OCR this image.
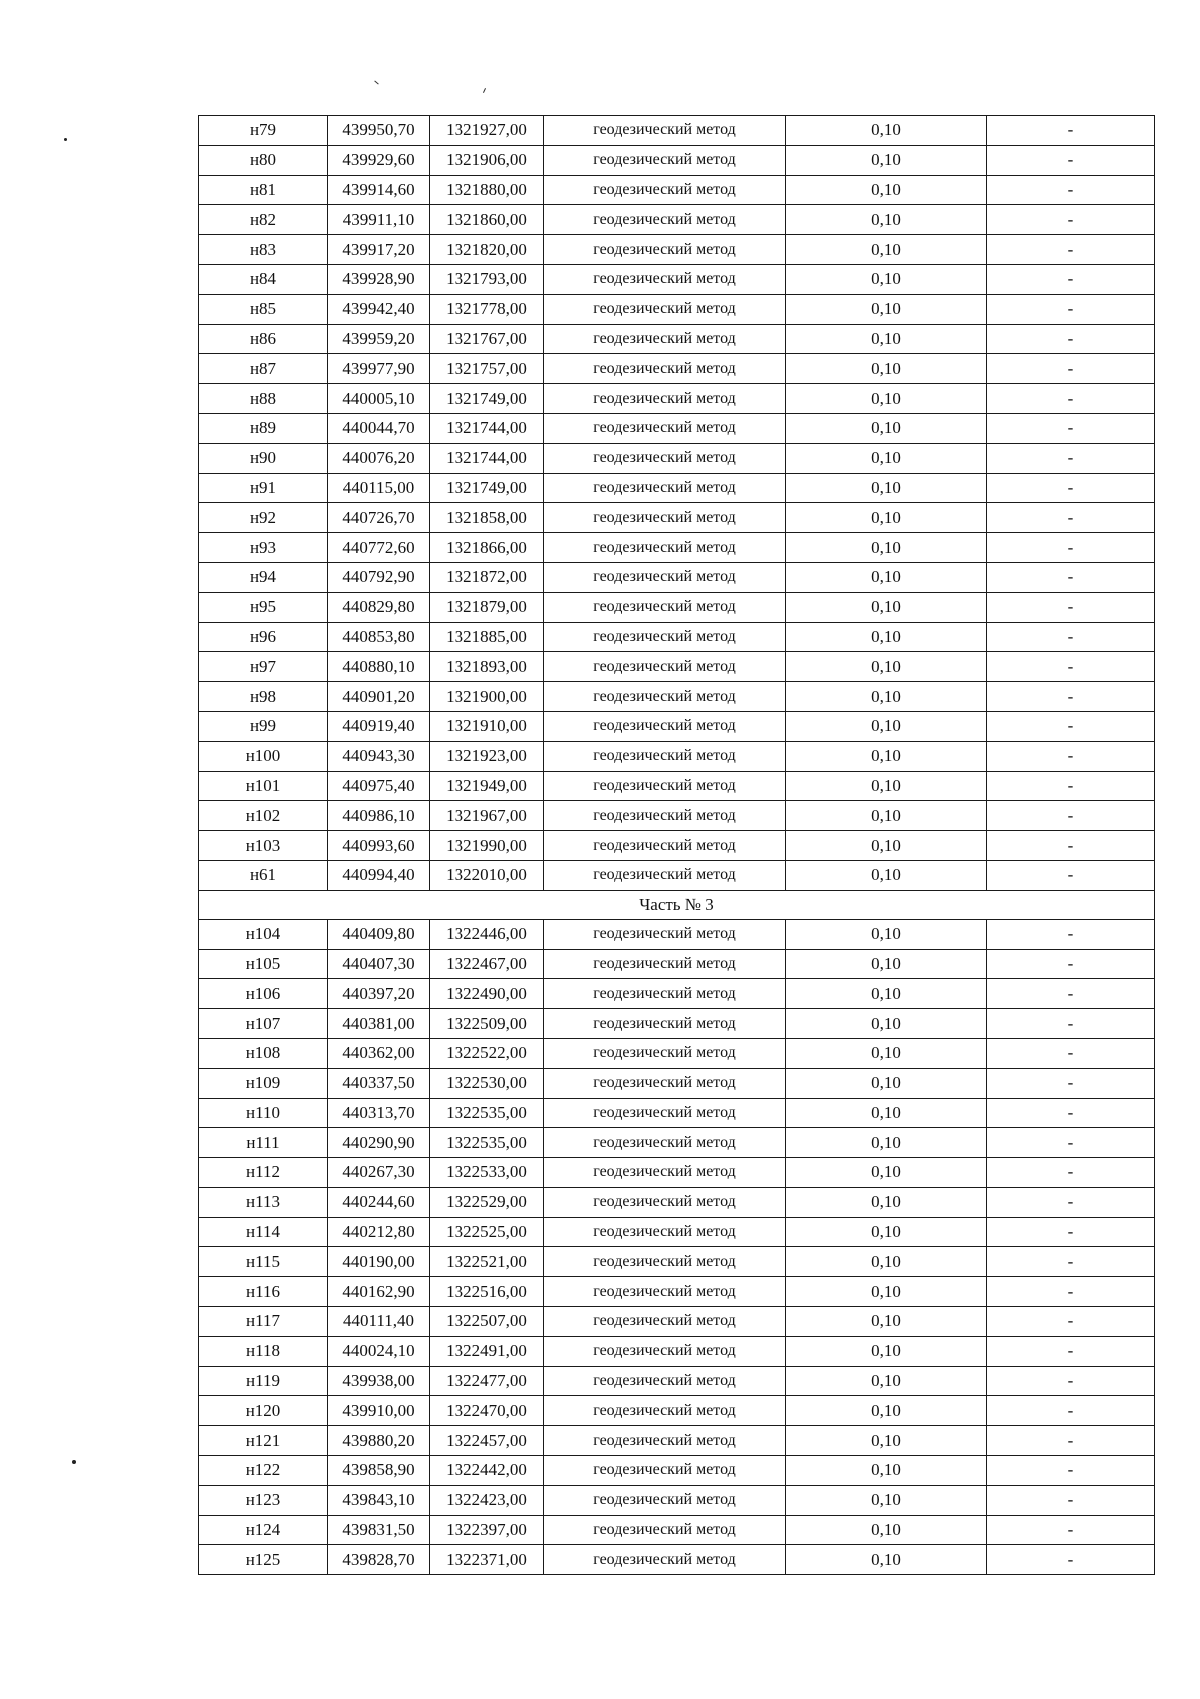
н79	439950,70	1321927,00	геодезический метод	0,10	-
н80	439929,60	1321906,00	геодезический метод	0,10	-
н81	439914,60	1321880,00	геодезический метод	0,10	-
н82	439911,10	1321860,00	геодезический метод	0,10	-
н83	439917,20	1321820,00	геодезический метод	0,10	-
н84	439928,90	1321793,00	геодезический метод	0,10	-
н85	439942,40	1321778,00	геодезический метод	0,10	-
н86	439959,20	1321767,00	геодезический метод	0,10	-
н87	439977,90	1321757,00	геодезический метод	0,10	-
н88	440005,10	1321749,00	геодезический метод	0,10	-
н89	440044,70	1321744,00	геодезический метод	0,10	-
н90	440076,20	1321744,00	геодезический метод	0,10	-
н91	440115,00	1321749,00	геодезический метод	0,10	-
н92	440726,70	1321858,00	геодезический метод	0,10	-
н93	440772,60	1321866,00	геодезический метод	0,10	-
н94	440792,90	1321872,00	геодезический метод	0,10	-
н95	440829,80	1321879,00	геодезический метод	0,10	-
н96	440853,80	1321885,00	геодезический метод	0,10	-
н97	440880,10	1321893,00	геодезический метод	0,10	-
н98	440901,20	1321900,00	геодезический метод	0,10	-
н99	440919,40	1321910,00	геодезический метод	0,10	-
н100	440943,30	1321923,00	геодезический метод	0,10	-
н101	440975,40	1321949,00	геодезический метод	0,10	-
н102	440986,10	1321967,00	геодезический метод	0,10	-
н103	440993,60	1321990,00	геодезический метод	0,10	-
н61	440994,40	1322010,00	геодезический метод	0,10	-
Часть № 3					
н104	440409,80	1322446,00	геодезический метод	0,10	-
н105	440407,30	1322467,00	геодезический метод	0,10	-
н106	440397,20	1322490,00	геодезический метод	0,10	-
н107	440381,00	1322509,00	геодезический метод	0,10	-
н108	440362,00	1322522,00	геодезический метод	0,10	-
н109	440337,50	1322530,00	геодезический метод	0,10	-
н110	440313,70	1322535,00	геодезический метод	0,10	-
н111	440290,90	1322535,00	геодезический метод	0,10	-
н112	440267,30	1322533,00	геодезический метод	0,10	-
н113	440244,60	1322529,00	геодезический метод	0,10	-
н114	440212,80	1322525,00	геодезический метод	0,10	-
н115	440190,00	1322521,00	геодезический метод	0,10	-
н116	440162,90	1322516,00	геодезический метод	0,10	-
н117	440111,40	1322507,00	геодезический метод	0,10	-
н118	440024,10	1322491,00	геодезический метод	0,10	-
н119	439938,00	1322477,00	геодезический метод	0,10	-
н120	439910,00	1322470,00	геодезический метод	0,10	-
н121	439880,20	1322457,00	геодезический метод	0,10	-
н122	439858,90	1322442,00	геодезический метод	0,10	-
н123	439843,10	1322423,00	геодезический метод	0,10	-
н124	439831,50	1322397,00	геодезический метод	0,10	-
н125	439828,70	1322371,00	геодезический метод	0,10	-
